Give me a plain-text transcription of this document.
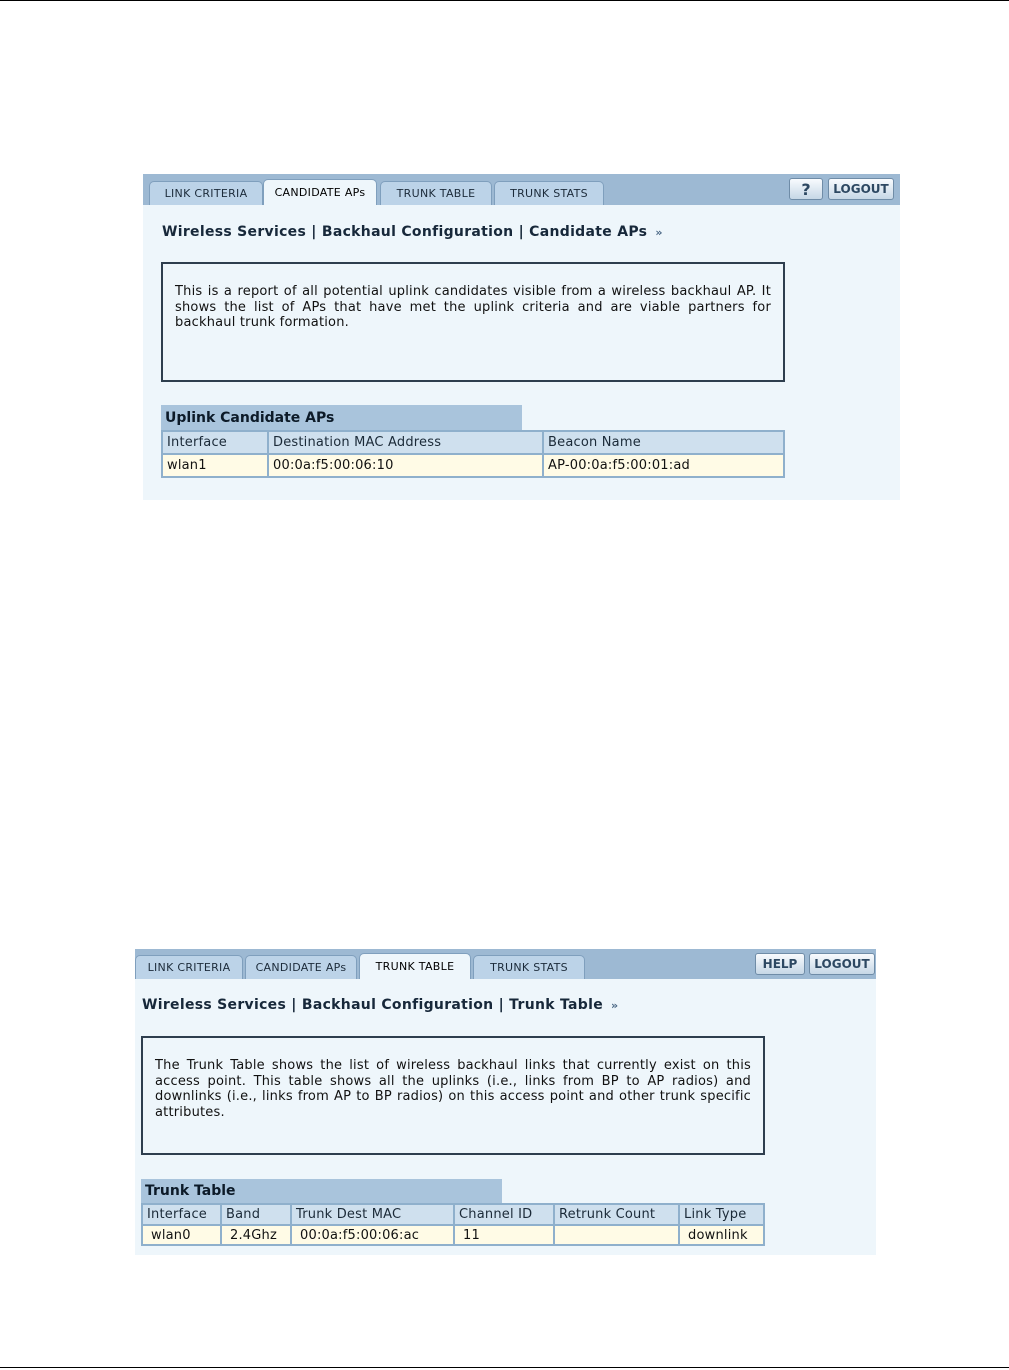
LINK CRITERIA	CANDIDATE APs	TRUNK TABLE	TRUNK STATS	?	LOGOUT
Wireless Services | Backhaul Configuration | Candidate APs »
This is a report of all potential uplink candidates visible from a wireless backhaul AP. It shows the list of APs that have met the uplink criteria and are viable partners for backhaul trunk formation.
Uplink Candidate APs
Interface	Destination MAC Address	Beacon Name
wlan1	00:0a:f5:00:06:10	AP-00:0a:f5:00:01:ad
LINK CRITERIA	CANDIDATE APs	TRUNK TABLE	TRUNK STATS	HELP	LOGOUT
Wireless Services | Backhaul Configuration | Trunk Table »
The Trunk Table shows the list of wireless backhaul links that currently exist on this access point. This table shows all the uplinks (i.e., links from BP to AP radios) and downlinks (i.e., links from AP to BP radios) on this access point and other trunk specific attributes.
Trunk Table
Interface	Band	Trunk Dest MAC	Channel ID	Retrunk Count	Link Type
wlan0	2.4Ghz	00:0a:f5:00:06:ac	11		downlink
